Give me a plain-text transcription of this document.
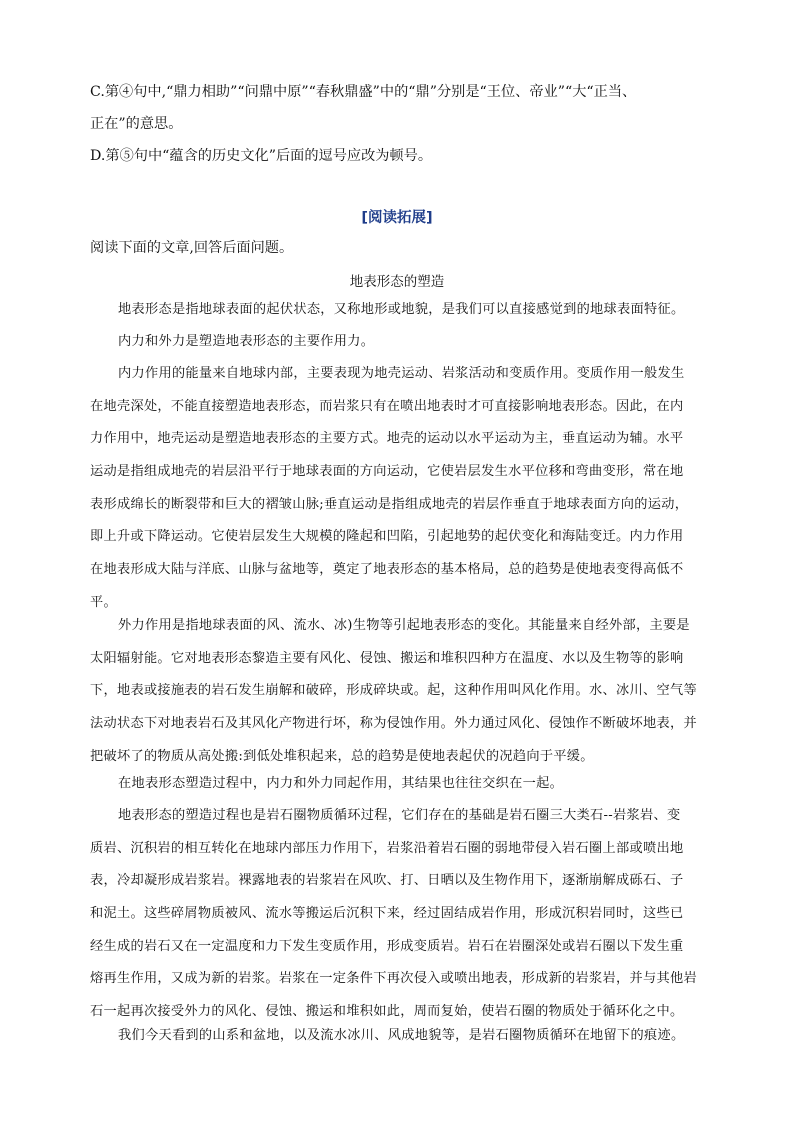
C.第④句中,“鼎力相助”“问鼎中原”“春秋鼎盛”中的“鼎”分别是“王位、帝业”“大“正当、
正在”的意思。
D.第⑤句中“蕴含的历史文化”后面的逗号应改为顿号。
[阅读拓展]
阅读下面的文章,回答后面问题。
地表形态的塑造
地表形态是指地球表面的起伏状态，又称地形或地貌，是我们可以直接感觉到的地球表面特征。
内力和外力是塑造地表形态的主要作用力。
内力作用的能量来自地球内部，主要表现为地壳运动、岩浆活动和变质作用。变质作用一般发生
在地壳深处，不能直接塑造地表形态，而岩浆只有在喷出地表时才可直接影响地表形态。因此，在内
力作用中，地壳运动是塑造地表形态的主要方式。地壳的运动以水平运动为主，垂直运动为辅。水平
运动是指组成地壳的岩层沿平行于地球表面的方向运动，它使岩层发生水平位移和弯曲变形，常在地
表形成绵长的断裂带和巨大的褶皱山脉;垂直运动是指组成地壳的岩层作垂直于地球表面方向的运动，
即上升或下降运动。它使岩层发生大规模的隆起和凹陷，引起地势的起伏变化和海陆变迁。内力作用
在地表形成大陆与洋底、山脉与盆地等，奠定了地表形态的基本格局，总的趋势是使地表变得高低不
平。
外力作用是指地球表面的风、流水、冰)生物等引起地表形态的变化。其能量来自经外部，主要是
太阳辐射能。它对地表形态黎造主要有风化、侵蚀、搬运和堆积四种方在温度、水以及生物等的影响
下，地表或接施表的岩石发生崩解和破碎，形成碎块或。起，这种作用叫风化作用。水、冰川、空气等
法动状态下对地表岩石及其风化产物进行坏，称为侵蚀作用。外力通过风化、侵蚀作不断破坏地表，并
把破坏了的物质从高处搬:到低处堆积起来，总的趋势是使地表起伏的况趋向于平缓。
在地表形态塑造过程中，内力和外力同起作用，其结果也往往交织在一起。
地表形态的塑造过程也是岩石圈物质循环过程，它们存在的基础是岩石圈三大类石--岩浆岩、变
质岩、沉积岩的相互转化在地球内部压力作用下，岩浆沿着岩石圈的弱地带侵入岩石圈上部或喷出地
表，冷却凝形成岩浆岩。裸露地表的岩浆岩在风吹、打、日晒以及生物作用下，逐渐崩解成砾石、子
和泥土。这些碎屑物质被风、流水等搬运后沉积下来，经过固结成岩作用，形成沉积岩同时，这些已
经生成的岩石又在一定温度和力下发生变质作用，形成变质岩。岩石在岩圈深处或岩石圈以下发生重
熔再生作用，又成为新的岩浆。岩浆在一定条件下再次侵入或喷出地表，形成新的岩浆岩，并与其他岩
石一起再次接受外力的风化、侵蚀、搬运和堆积如此，周而复始，使岩石圈的物质处于循环化之中。
我们今天看到的山系和盆地，以及流水冰川、风成地貌等，是岩石圈物质循环在地留下的痕迹。
